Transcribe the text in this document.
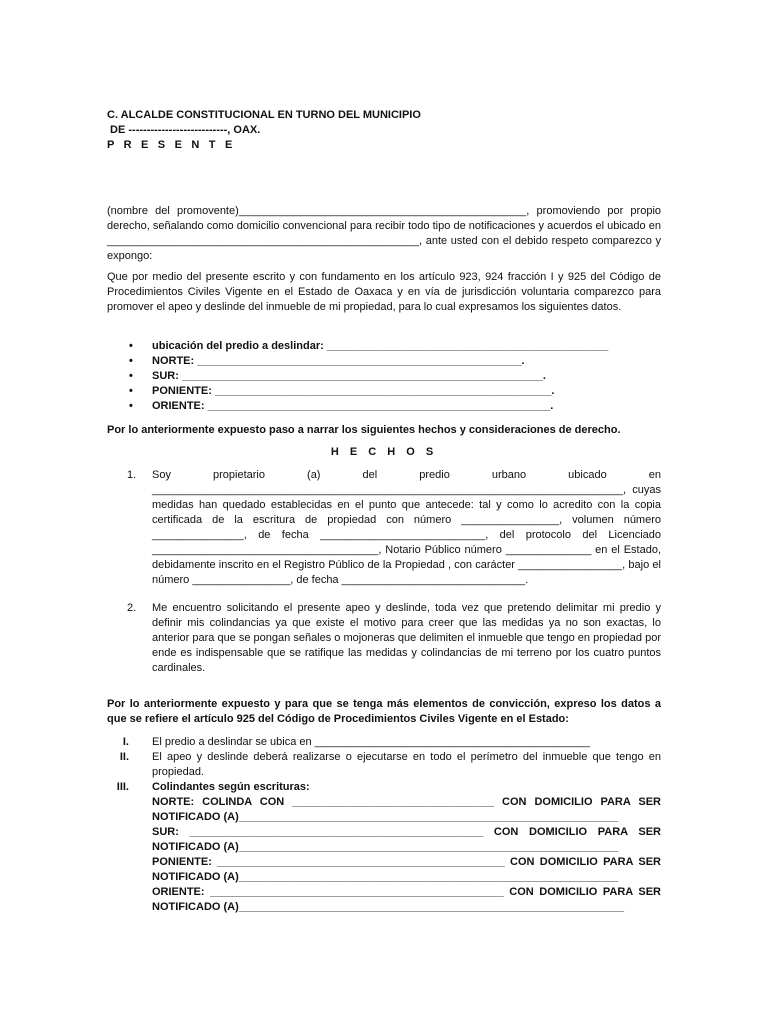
C. ALCALDE CONSTITUCIONAL EN TURNO DEL MUNICIPIO

DE ---------------------------, OAX.

P R E S E N T E

(nombre del promovente)_______________________________________________, promoviendo por propio derecho, señalando como domicilio convencional para recibir todo tipo de notificaciones y acuerdos el ubicado en ___________________________________________________, ante usted con el debido respeto comparezco y expongo:

Que por medio del presente escrito y con fundamento en los artículo 923, 924 fracción I y 925 del Código de Procedimientos Civiles Vigente en el Estado de Oaxaca y en vía de jurisdicción voluntaria comparezco para promover el apeo y deslinde del inmueble de mi propiedad, para lo cual expresamos los siguientes datos.

• ubicación del predio a deslindar: ______________________________________________
• NORTE: _____________________________________________________.
• SUR: ___________________________________________________________.
• PONIENTE: _______________________________________________________.
• ORIENTE: ________________________________________________________.

Por lo anteriormente expuesto paso a narrar los siguientes hechos y consideraciones de derecho.

H E C H O S

1. Soy propietario (a) del predio urbano ubicado en _____________________________________________________________________________, cuyas medidas han quedado establecidas en el punto que antecede: tal y como lo acredito con la copia certificada de la escritura de propiedad con número ________________, volumen número _______________, de fecha ___________________________, del protocolo del Licenciado _____________________________________, Notario Público número ______________ en el Estado, debidamente inscrito en el Registro Público de la Propiedad , con carácter _________________, bajo el número ________________, de fecha ______________________________.
2. Me encuentro solicitando el presente apeo y deslinde, toda vez que pretendo delimitar mi predio y definir mis colindancias ya que existe el motivo para creer que las medidas ya no son exactas, lo anterior para que se pongan señales o mojoneras que delimiten el inmueble que tengo en propiedad por ende es indispensable que se ratifique las medidas y colindancias de mi terreno por los cuatro puntos cardinales.

Por lo anteriormente expuesto y para que se tenga más elementos de convicción, expreso los datos a que se refiere el artículo 925 del Código de Procedimientos Civiles Vigente en el Estado:

I. El predio a deslindar se ubica en _____________________________________________
II. El apeo y deslinde deberá realizarse o ejecutarse en todo el perímetro del inmueble que tengo en propiedad.
III. Colindantes según escrituras:
NORTE: COLINDA CON _________________________________ CON DOMICILIO PARA SER NOTIFICADO (A)______________________________________________________________
SUR: ________________________________________________ CON DOMICILIO PARA SER NOTIFICADO (A)______________________________________________________________
PONIENTE: _______________________________________________ CON DOMICILIO PARA SER NOTIFICADO (A)______________________________________________________________
ORIENTE: ________________________________________________ CON DOMICILIO PARA SER NOTIFICADO (A)_______________________________________________________________
